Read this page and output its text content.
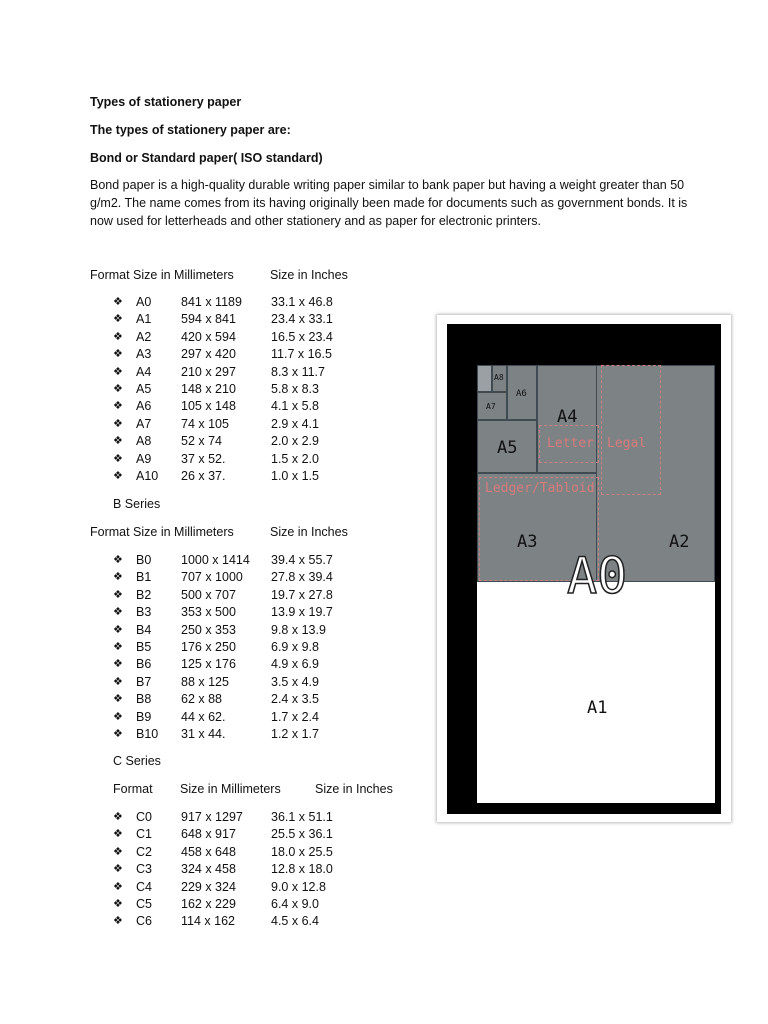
Types of stationery paper
The types of stationery paper are:
Bond or Standard paper( ISO standard)
Bond paper is a high-quality durable writing paper similar to bank paper but having a weight greater than 50 g/m2. The name comes from its having originally been made for documents such as government bonds. It is now used for letterheads and other stationery and as paper for electronic printers.
Format Size in Millimeters	Size in Inches
❖ A0 841 x 1189 33.1 x 46.8
❖ A1 594 x 841	23.4 x 33.1
❖ A2 420 x 594	16.5 x 23.4
❖ A3 297 x 420	11.7 x 16.5
❖ A4 210 x 297	8.3 x 11.7
❖ A5 148 x 210	5.8 x 8.3
❖ A6 105 x 148	4.1 x 5.8
❖ A7 74 x 105	2.9 x 4.1
❖ A8 52 x 74	2.0 x 2.9
❖ A9 37 x 52.	1.5 x 2.0
❖ A10 26 x 37.	1.0 x 1.5
B Series
Format Size in Millimeters	Size in Inches
❖ B0 1000 x 1414 39.4 x 55.7
❖ B1 707 x 1000 27.8 x 39.4
❖ B2 500 x 707	19.7 x 27.8
❖ B3 353 x 500	13.9 x 19.7
❖ B4 250 x 353	9.8 x 13.9
❖ B5 176 x 250	6.9 x 9.8
❖ B6 125 x 176	4.9 x 6.9
❖ B7 88 x 125	3.5 x 4.9
❖ B8 62 x 88	2.4 x 3.5
❖ B9 44 x 62.	1.7 x 2.4
❖ B10 31 x 44.	1.2 x 1.7
C Series
Format Size in Millimeters	Size in Inches
❖ C0 917 x 1297 36.1 x 51.1
❖ C1 648 x 917	25.5 x 36.1
❖ C2 458 x 648	18.0 x 25.5
❖ C3 324 x 458	12.8 x 18.0
❖ C4 229 x 324	9.0 x 12.8
❖ C5 162 x 229	6.4 x 9.0
❖ C6 114 x 162	4.5 x 6.4
A8
A7
A6
A5
A4
Letter Legal
Ledger/Tabloid
A3	A2
A0
A1
